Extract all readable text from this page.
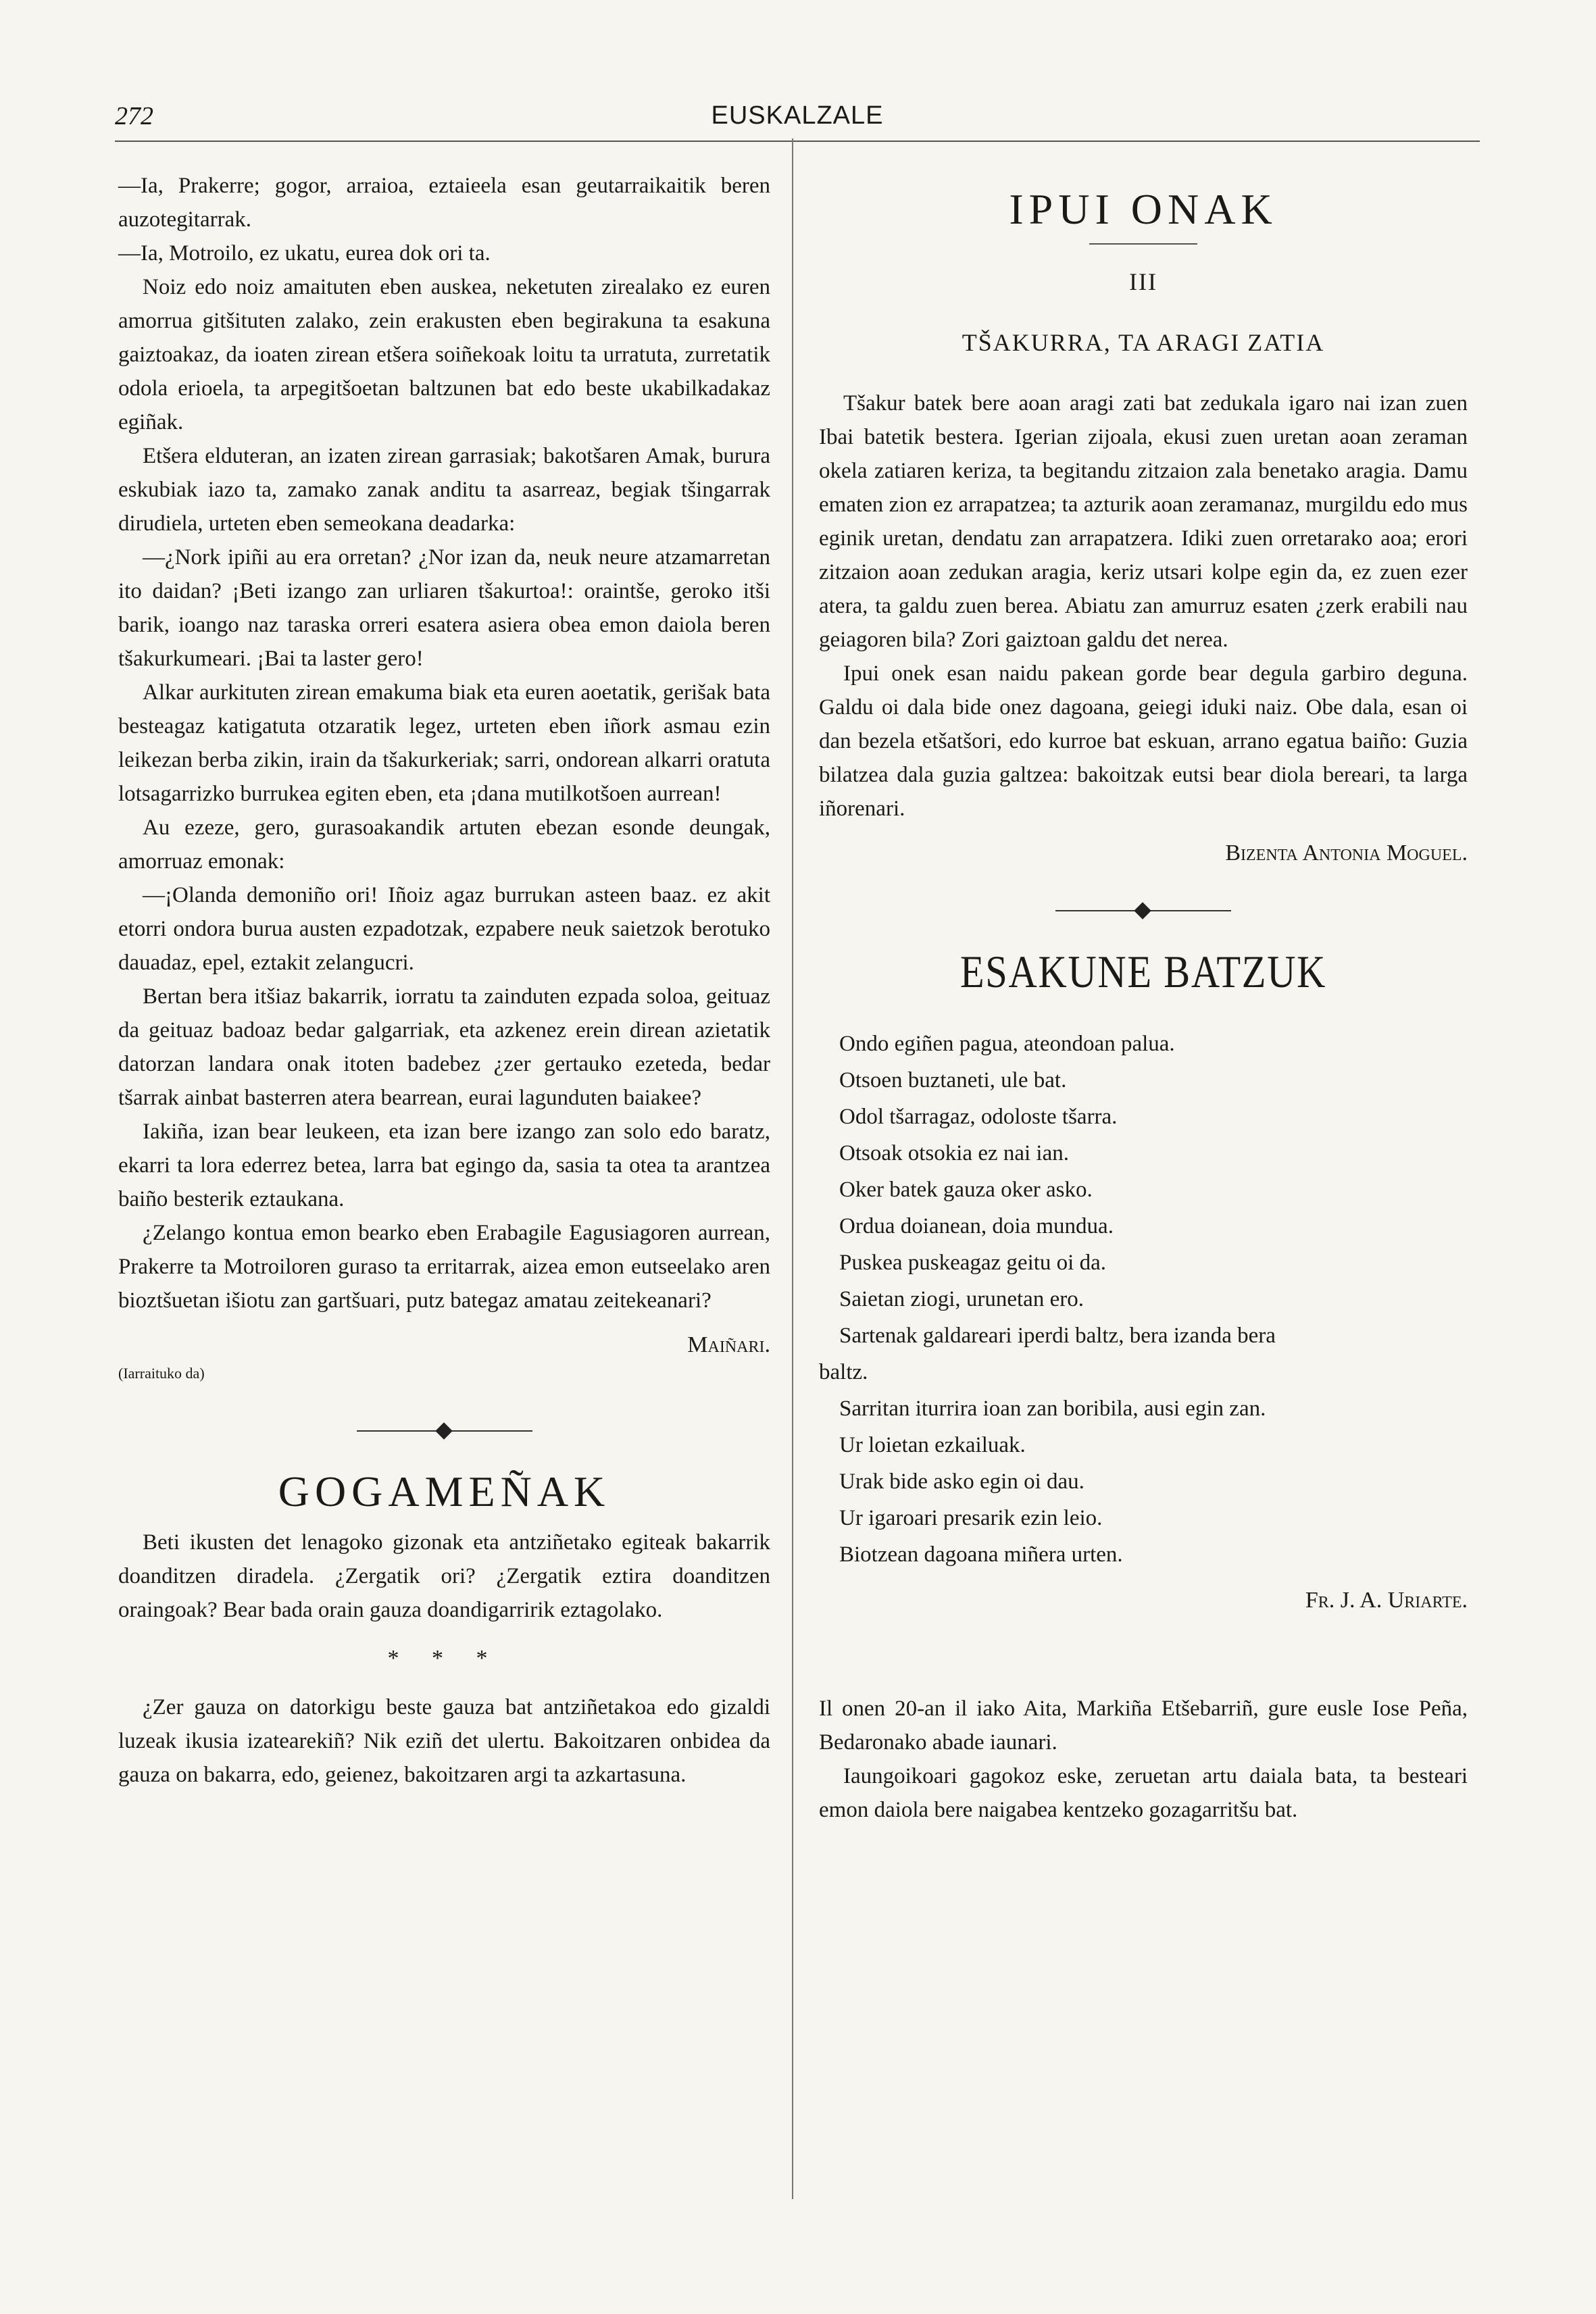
272	EUSKALZALE

—Ia, Prakerre; gogor, arraioa, eztaieela esan geutarraikaitik beren auzotegitarrak.

—Ia, Motroilo, ez ukatu, eurea dok ori ta.

Noiz edo noiz amaituten eben auskea, neketuten zirealako ez euren amorrua gitšituten zalako, zein erakusten eben begirakuna ta esakuna gaiztoakaz, da ioaten zirean etšera soiñekoak loitu ta urratuta, zurretatik odola erioela, ta arpegitšoetan baltzunen bat edo beste ukabilkadakaz egiñak.

Etšera elduteran, an izaten zirean garrasiak; bakotšaren Amak, burura eskubiak iazo ta, zamako zanak anditu ta asarreaz, begiak tšingarrak dirudiela, urteten eben semeokana deadarka:

—¿Nork ipiñi au era orretan? ¿Nor izan da, neuk neure atzamarretan ito daidan? ¡Beti izango zan urliaren tšakurtoa!: oraintše, geroko itši barik, ioango naz taraska orreri esatera asiera obea emon daiola beren tšakurkumeari. ¡Bai ta laster gero!

Alkar aurkituten zirean emakuma biak eta euren aoetatik, gerišak bata besteagaz katigatuta otzaratik legez, urteten eben iñork asmau ezin leikezan berba zikin, irain da tšakurkeriak; sarri, ondorean alkarri oratuta lotsagarrizko burrukea egiten eben, eta ¡dana mutilkotšoen aurrean!

Au ezeze, gero, gurasoakandik artuten ebezan esonde deungak, amorruaz emonak:

—¡Olanda demoniño ori! Iñoiz agaz burrukan asteen baaz. ez akit etorri ondora burua austen ezpadotzak, ezpabere neuk saietzok berotuko dauadaz, epel, eztakit zelangucri.

Bertan bera itšiaz bakarrik, iorratu ta zainduten ezpada soloa, geituaz da geituaz badoaz bedar galgarriak, eta azkenez erein direan azietatik datorzan landara onak itoten badebez ¿zer gertauko ezeteda, bedar tšarrak ainbat basterren atera bearrean, eurai lagunduten baiakee?

Iakiña, izan bear leukeen, eta izan bere izango zan solo edo baratz, ekarri ta lora ederrez betea, larra bat egingo da, sasia ta otea ta arantzea baiño besterik eztaukana.

¿Zelango kontua emon bearko eben Erabagile Eagusiagoren aurrean, Prakerre ta Motroiloren guraso ta erritarrak, aizea emon eutseelako aren bioztšuetan išiotu zan gartšuari, putz bategaz amatau zeitekeanari?

Maiñari.
(Iarraituko da)
GOGAMEÑAK

Beti ikusten det lenagoko gizonak eta antziñetako egiteak bakarrik doanditzen diradela. ¿Zergatik ori? ¿Zergatik eztira doanditzen oraingoak? Bear bada orain gauza doandigarririk eztagolako.

* * *

¿Zer gauza on datorkigu beste gauza bat antziñetakoa edo gizaldi luzeak ikusia izatearekiñ? Nik eziñ det ulertu. Bakoitzaren onbidea da gauza on bakarra, edo, geienez, bakoitzaren argi ta azkartasuna.

IPUI ONAK
III
TŠAKURRA, TA ARAGI ZATIA

Tšakur batek bere aoan aragi zati bat zedukala igaro nai izan zuen Ibai batetik bestera. Igerian zijoala, ekusi zuen uretan aoan zeraman okela zatiaren keriza, ta begitandu zitzaion zala benetako aragia. Damu ematen zion ez arrapatzea; ta azturik aoan zeramanaz, murgildu edo mus eginik uretan, dendatu zan arrapatzera. Idiki zuen orretarako aoa; erori zitzaion aoan zedukan aragia, keriz utsari kolpe egin da, ez zuen ezer atera, ta galdu zuen berea. Abiatu zan amurruz esaten ¿zerk erabili nau geiagoren bila? Zori gaiztoan galdu det nerea.

Ipui onek esan naidu pakean gorde bear degula garbiro deguna. Galdu oi dala bide onez dagoana, geiegi iduki naiz. Obe dala, esan oi dan bezela etšatšori, edo kurroe bat eskuan, arrano egatua baiño: Guzia bilatzea dala guzia galtzea: bakoitzak eutsi bear diola bereari, ta larga iñorenari.

Bizenta Antonia Moguel.
ESAKUNE BATZUK
Ondo egiñen pagua, ateondoan palua.
Otsoen buztaneti, ule bat.
Odol tšarragaz, odoloste tšarra.
Otsoak otsokia ez nai ian.
Oker batek gauza oker asko.
Ordua doianean, doia mundua.
Puskea puskeagaz geitu oi da.
Saietan ziogi, urunetan ero.
Sartenak galdareari iperdi baltz, bera izanda bera
baltz.
Sarritan iturrira ioan zan boribila, ausi egin zan.
Ur loietan ezkailuak.
Urak bide asko egin oi dau.
Ur igaroari presarik ezin leio.
Biotzean dagoana miñera urten.
Fr. J. A. Uriarte.

Il onen 20-an il iako Aita, Markiña Etšebarriñ, gure eusle Iose Peña, Bedaronako abade iaunari.

Iaungoikoari gagokoz eske, zeruetan artu daiala bata, ta besteari emon daiola bere naigabea kentzeko gozagarritšu bat.
